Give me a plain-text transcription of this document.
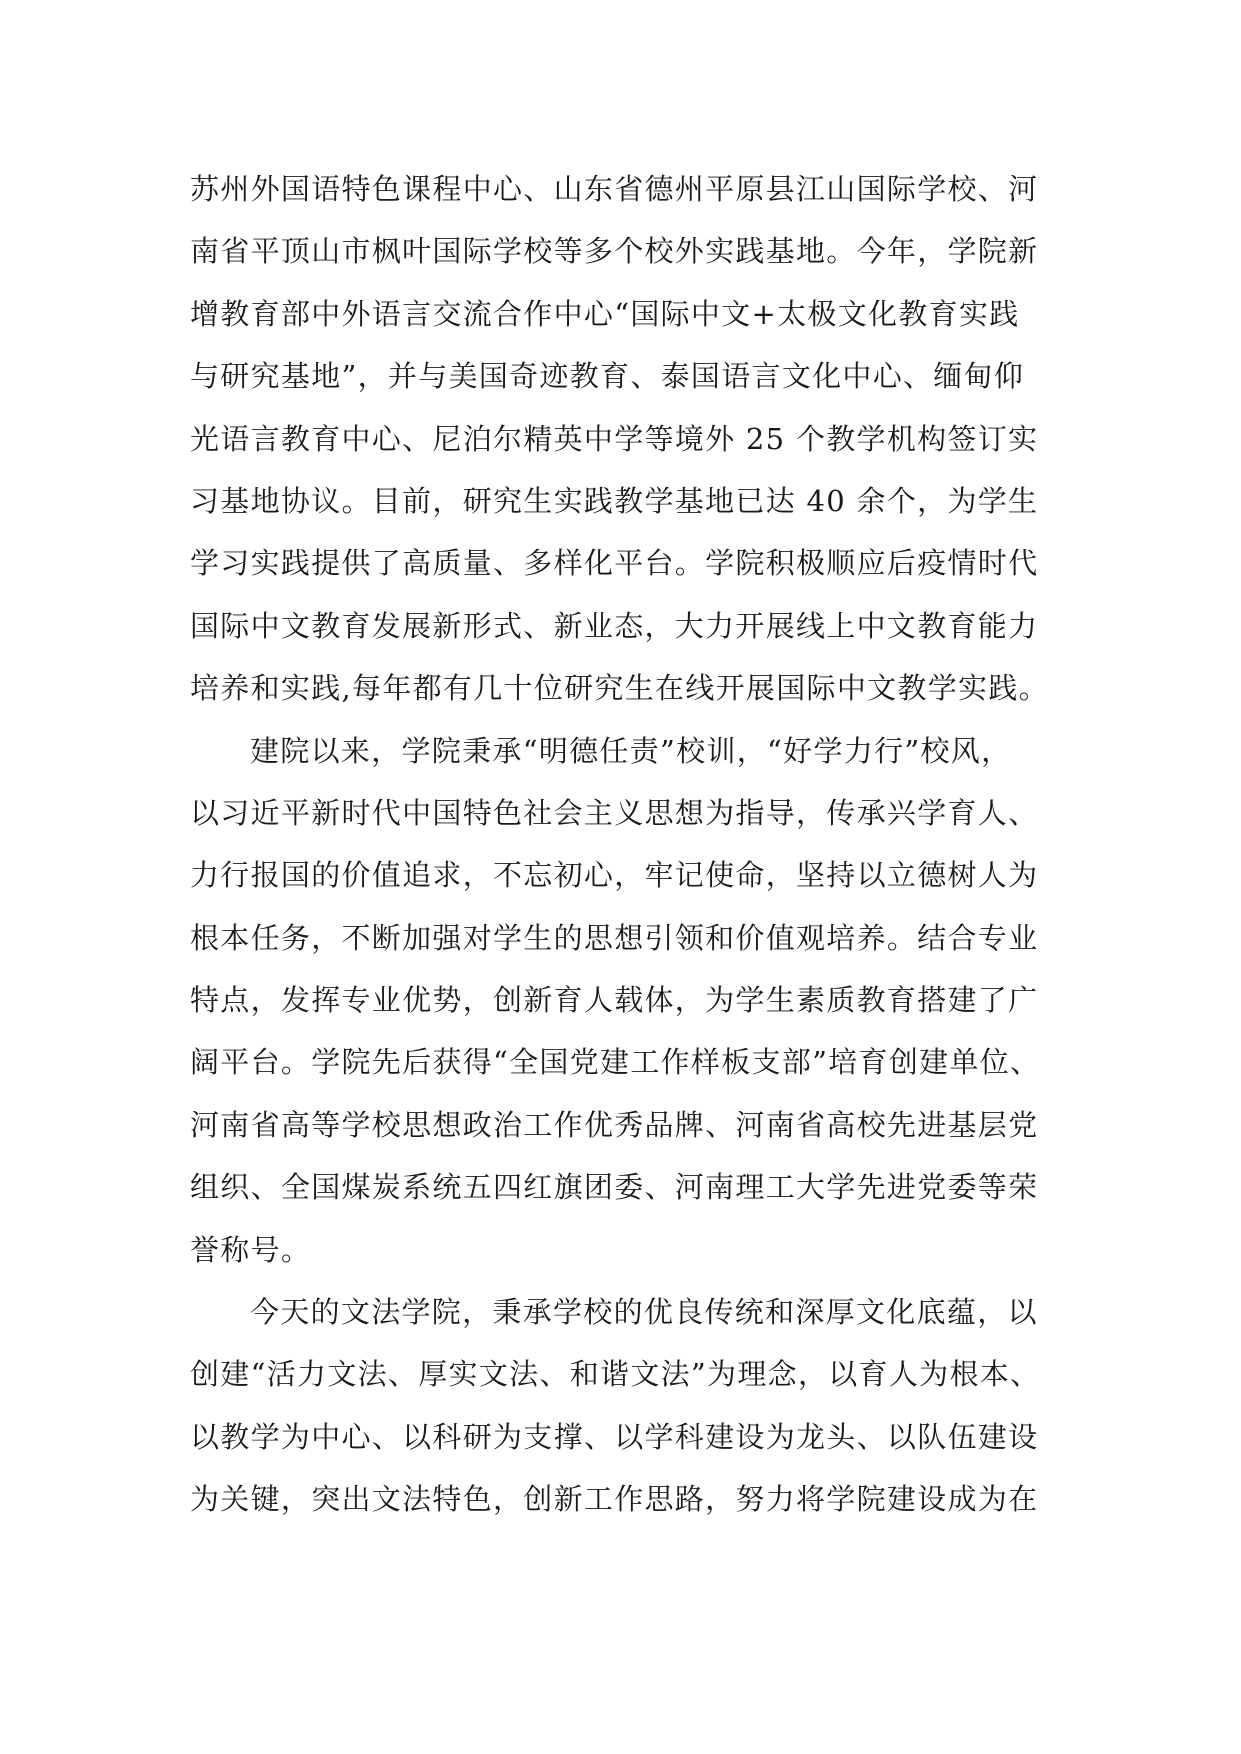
苏州外国语特色课程中心、山东省德州平原县江山国际学校、河
南省平顶山市枫叶国际学校等多个校外实践基地。今年，学院新
增教育部中外语言交流合作中心“国际中文+太极文化教育实践
与研究基地”，并与美国奇迹教育、泰国语言文化中心、缅甸仰
光语言教育中心、尼泊尔精英中学等境外 25 个教学机构签订实
习基地协议。目前，研究生实践教学基地已达 40 余个，为学生
学习实践提供了高质量、多样化平台。学院积极顺应后疫情时代
国际中文教育发展新形式、新业态，大力开展线上中文教育能力
培养和实践,每年都有几十位研究生在线开展国际中文教学实践。
建院以来，学院秉承“明德任责”校训，“好学力行”校风，
以习近平新时代中国特色社会主义思想为指导，传承兴学育人、
力行报国的价值追求，不忘初心，牢记使命，坚持以立德树人为
根本任务，不断加强对学生的思想引领和价值观培养。结合专业
特点，发挥专业优势，创新育人载体，为学生素质教育搭建了广
阔平台。学院先后获得“全国党建工作样板支部”培育创建单位、
河南省高等学校思想政治工作优秀品牌、河南省高校先进基层党
组织、全国煤炭系统五四红旗团委、河南理工大学先进党委等荣
誉称号。
今天的文法学院，秉承学校的优良传统和深厚文化底蕴，以
创建“活力文法、厚实文法、和谐文法”为理念，以育人为根本、
以教学为中心、以科研为支撑、以学科建设为龙头、以队伍建设
为关键，突出文法特色，创新工作思路，努力将学院建设成为在
